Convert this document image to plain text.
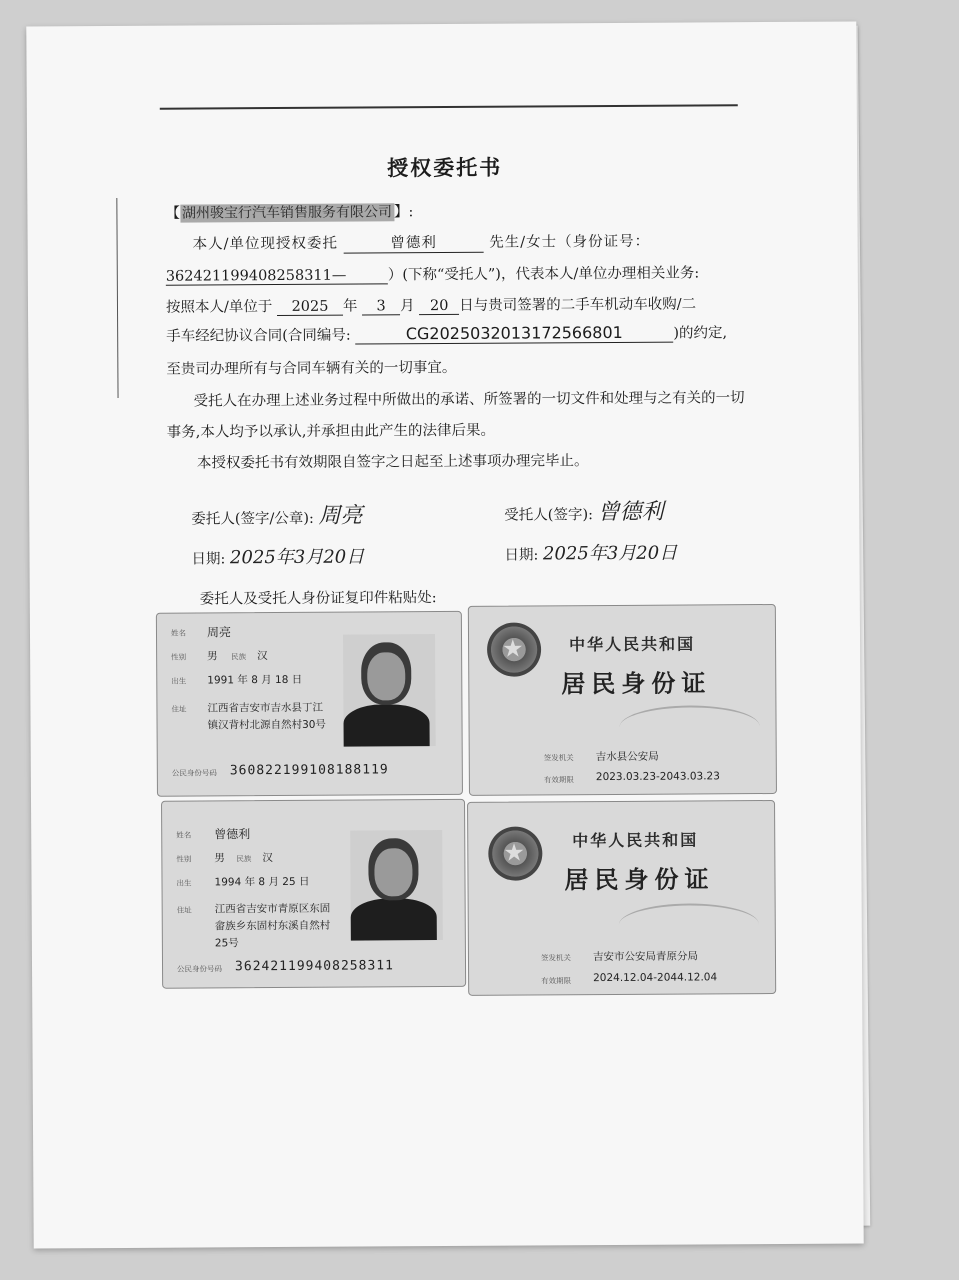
授权委托书
【 湖州骏宝行汽车销售服务有限公司 】:
本人/单位现授权委托	曾德利	先生/女士（身份证号：
362421199408258311—	）(下称“受托人”)，代表本人/单位办理相关业务:
按照本人/单位于 2025 年 3 月 20 日与贵司签署的二手车机动车收购/二
手车经纪协议合同(合同编号:	CG2025032013172566801	)的约定,
至贵司办理所有与合同车辆有关的一切事宜。
受托人在办理上述业务过程中所做出的承诺、所签署的一切文件和处理与之有关的一切
事务,本人均予以承认,并承担由此产生的法律后果。
本授权委托书有效期限自签字之日起至上述事项办理完毕止。
委托人(签字/公章): 周亮	受托人(签字): 曾德利
日期: 2025年3月20日	日期: 2025年3月20日
委托人及受托人身份证复印件粘贴处:
姓名 周亮
性别 男 民族 汉
出生 1991 年 8 月 18 日
住址 江西省吉安市吉水县丁江
镇汉背村北源自然村30号
公民身份号码 360822199108188119
★	中华人民共和国
居民身份证
签发机关 吉水县公安局
有效期限 2023.03.23-2043.03.23
姓名 曾德利
性别 男 民族 汉
出生 1994 年 8 月 25 日
住址 江西省吉安市青原区东固
畲族乡东固村东溪自然村
25号
公民身份号码 362421199408258311
★	中华人民共和国
居民身份证
签发机关 吉安市公安局青原分局
有效期限 2024.12.04-2044.12.04
